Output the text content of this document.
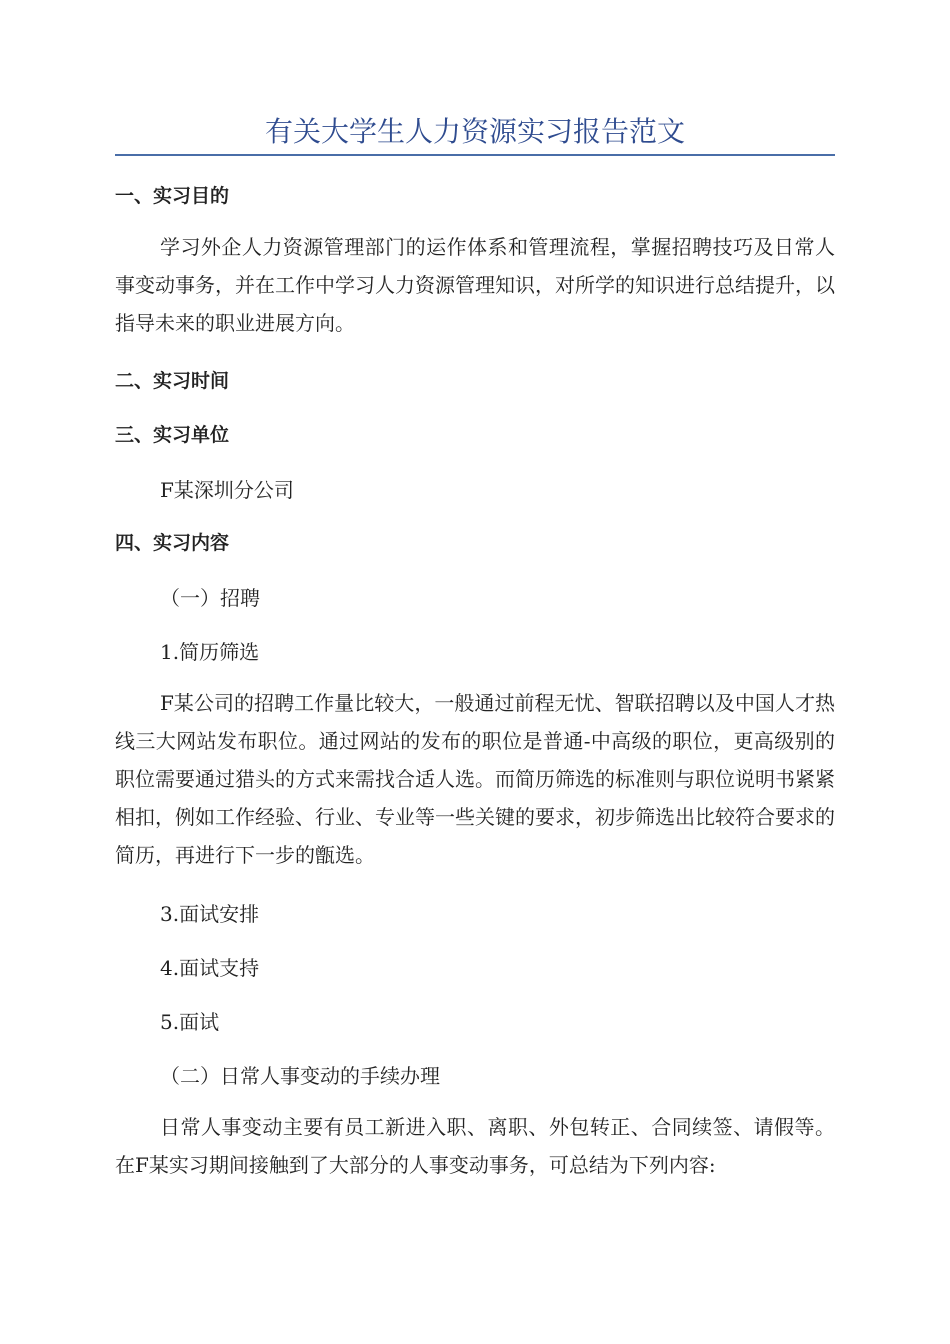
有关大学生人力资源实习报告范文
一、实习目的
学习外企人力资源管理部门的运作体系和管理流程，掌握招聘技巧及日常人事变动事务，并在工作中学习人力资源管理知识，对所学的知识进行总结提升，以指导未来的职业进展方向。
二、实习时间
三、实习单位
F某深圳分公司
四、实习内容
（一）招聘
1.简历筛选
F某公司的招聘工作量比较大，一般通过前程无忧、智联招聘以及中国人才热线三大网站发布职位。通过网站的发布的职位是普通-中高级的职位，更高级别的职位需要通过猎头的方式来需找合适人选。而简历筛选的标准则与职位说明书紧紧相扣，例如工作经验、行业、专业等一些关键的要求，初步筛选出比较符合要求的简历，再进行下一步的甑选。
3.面试安排
4.面试支持
5.面试
（二）日常人事变动的手续办理
日常人事变动主要有员工新进入职、离职、外包转正、合同续签、请假等。在F某实习期间接触到了大部分的人事变动事务，可总结为下列内容:
